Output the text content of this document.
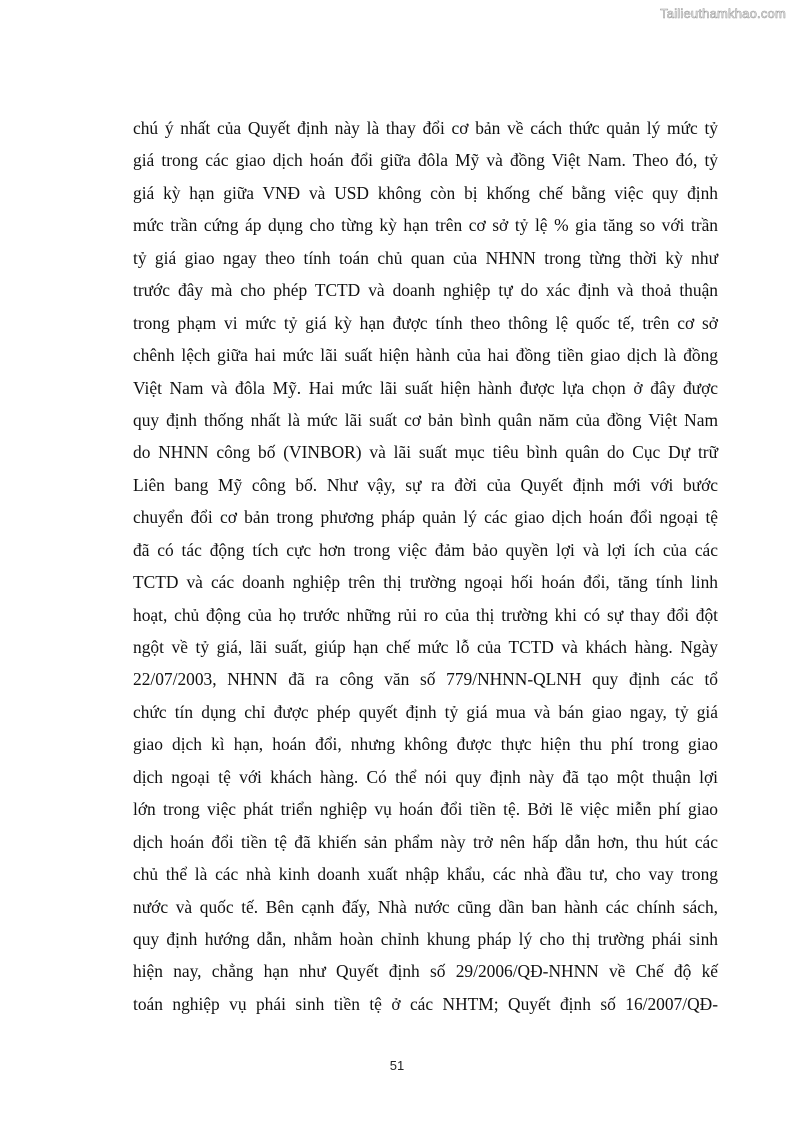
Tailieuthamkhao.com
chú ý nhất của Quyết định này là thay đổi cơ bản về cách thức quản lý mức tỷ
giá trong các giao dịch hoán đổi giữa đôla Mỹ và đồng Việt Nam. Theo đó, tỷ
giá kỳ hạn giữa VNĐ và USD không còn bị khống chế bằng việc quy định
mức trần cứng áp dụng cho từng kỳ hạn trên cơ sở tỷ lệ % gia tăng so với trần
tỷ giá giao ngay theo tính toán chủ quan của NHNN trong từng thời kỳ như
trước đây mà cho phép TCTD và doanh nghiệp tự do xác định và thoả thuận
trong phạm vi mức tỷ giá kỳ hạn được tính theo thông lệ quốc tế, trên cơ sở
chênh lệch giữa hai mức lãi suất hiện hành của hai đồng tiền giao dịch là đồng
Việt Nam và đôla Mỹ. Hai mức lãi suất hiện hành được lựa chọn ở đây được
quy định thống nhất là mức lãi suất cơ bản bình quân năm của đồng Việt Nam
do NHNN công bố (VINBOR) và lãi suất mục tiêu bình quân do Cục Dự trữ
Liên bang Mỹ công bố. Như vậy, sự ra đời của Quyết định mới với bước
chuyển đổi cơ bản trong phương pháp quản lý các giao dịch hoán đổi ngoại tệ
đã có tác động tích cực hơn trong việc đảm bảo quyền lợi và lợi ích của các
TCTD và các doanh nghiệp trên thị trường ngoại hối hoán đổi, tăng tính linh
hoạt, chủ động của họ trước những rủi ro của thị trường khi có sự thay đổi đột
ngột về tỷ giá, lãi suất, giúp hạn chế mức lỗ của TCTD và khách hàng. Ngày
22/07/2003, NHNN đã ra công văn số 779/NHNN-QLNH quy định các tổ
chức tín dụng chỉ được phép quyết định tỷ giá mua và bán giao ngay, tỷ giá
giao dịch kì hạn, hoán đổi, nhưng không được thực hiện thu phí trong giao
dịch ngoại tệ với khách hàng. Có thể nói quy định này đã tạo một thuận lợi
lớn trong việc phát triển nghiệp vụ hoán đổi tiền tệ. Bởi lẽ việc miễn phí giao
dịch hoán đổi tiền tệ đã khiến sản phẩm này trở nên hấp dẫn hơn, thu hút các
chủ thể là các nhà kinh doanh xuất nhập khẩu, các nhà đầu tư, cho vay trong
nước và quốc tế. Bên cạnh đấy, Nhà nước cũng dần ban hành các chính sách,
quy định hướng dẫn, nhằm hoàn chỉnh khung pháp lý cho thị trường phái sinh
hiện nay, chẳng hạn như Quyết định số 29/2006/QĐ-NHNN về Chế độ kế
toán nghiệp vụ phái sinh tiền tệ ở các NHTM; Quyết định số 16/2007/QĐ-
51
